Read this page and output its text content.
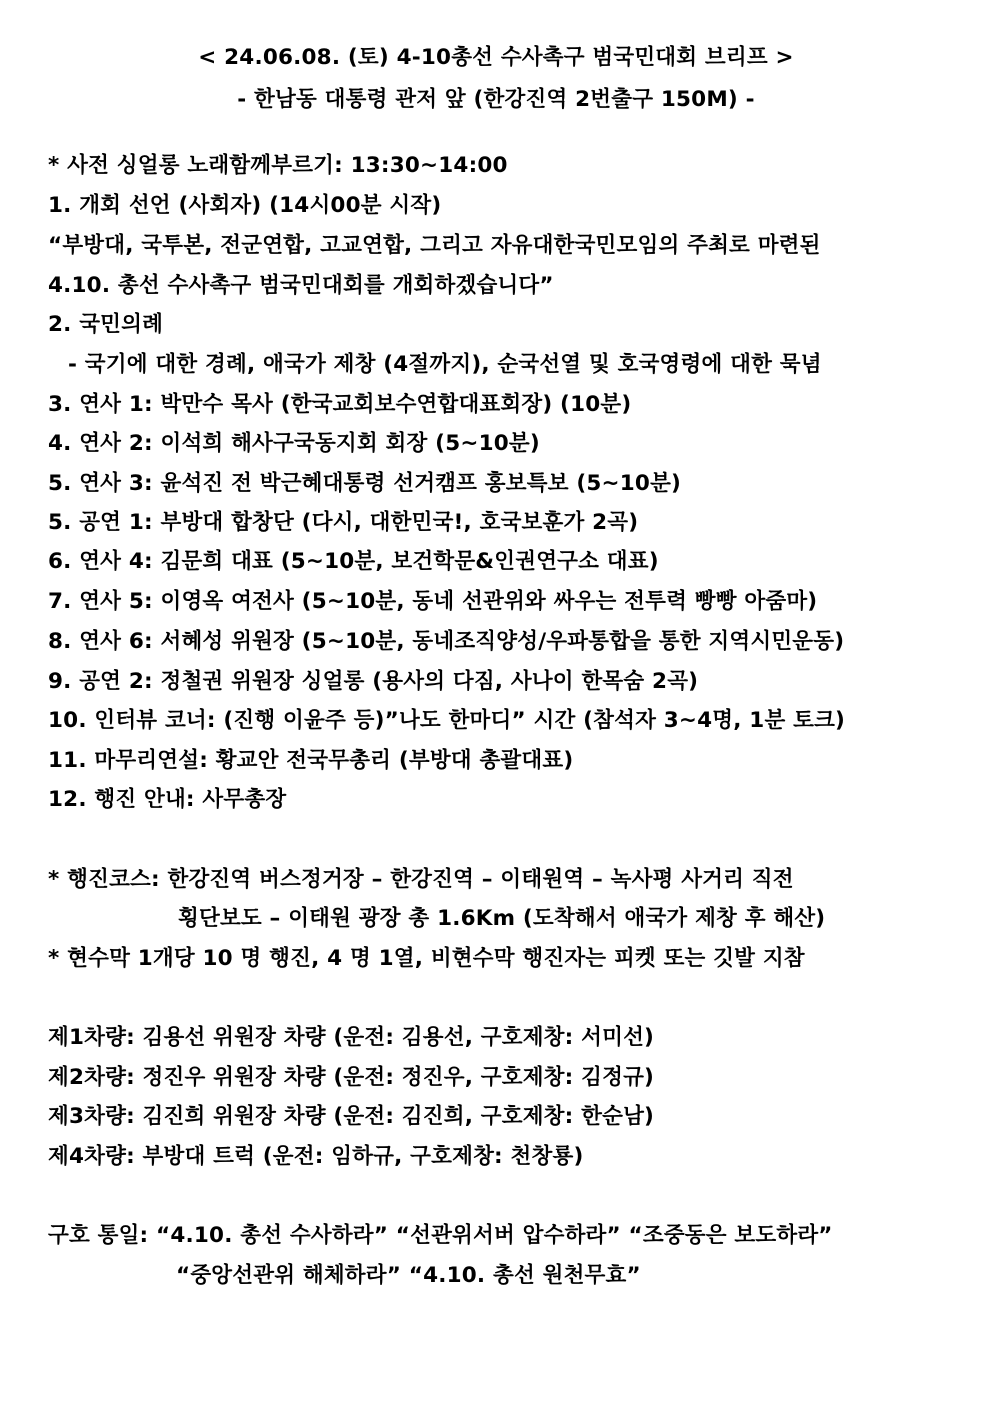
< 24.06.08. (토) 4-10총선 수사촉구 범국민대회 브리프 >
- 한남동 대통령 관저 앞 (한강진역 2번출구 150M) -
* 사전 싱얼롱 노래함께부르기: 13:30~14:00
1. 개회 선언 (사회자) (14시00분 시작)
“부방대, 국투본, 전군연합, 고교연합, 그리고 자유대한국민모임의 주최로 마련된
4.10. 총선 수사촉구 범국민대회를 개회하겠습니다”
2. 국민의례
- 국기에 대한 경례, 애국가 제창 (4절까지), 순국선열 및 호국영령에 대한 묵념
3. 연사 1: 박만수 목사 (한국교회보수연합대표회장) (10분)
4. 연사 2: 이석희 해사구국동지회 회장 (5~10분)
5. 연사 3: 윤석진 전 박근혜대통령 선거캠프 홍보특보 (5~10분)
5. 공연 1: 부방대 합창단 (다시, 대한민국!, 호국보훈가 2곡)
6. 연사 4: 김문희 대표 (5~10분, 보건학문&인권연구소 대표)
7. 연사 5: 이영옥 여전사 (5~10분, 동네 선관위와 싸우는 전투력 빵빵 아줌마)
8. 연사 6: 서혜성 위원장 (5~10분, 동네조직양성/우파통합을 통한 지역시민운동)
9. 공연 2: 정철권 위원장 싱얼롱 (용사의 다짐, 사나이 한목숨 2곡)
10. 인터뷰 코너: (진행 이윤주 등)”나도 한마디” 시간 (참석자 3~4명, 1분 토크)
11. 마무리연설: 황교안 전국무총리 (부방대 총괄대표)
12. 행진 안내: 사무총장
* 행진코스: 한강진역 버스정거장 – 한강진역 – 이태원역 – 녹사평 사거리 직전
횡단보도 – 이태원 광장 총 1.6Km (도착해서 애국가 제창 후 해산)
* 현수막 1개당 10 명 행진, 4 명 1열, 비현수막 행진자는 피켓 또는 깃발 지참
제1차량: 김용선 위원장 차량 (운전: 김용선, 구호제창: 서미선)
제2차량: 정진우 위원장 차량 (운전: 정진우, 구호제창: 김정규)
제3차량: 김진희 위원장 차량 (운전: 김진희, 구호제창: 한순남)
제4차량: 부방대 트럭 (운전: 임하규, 구호제창: 천창룡)
구호 통일: “4.10. 총선 수사하라” “선관위서버 압수하라” “조중동은 보도하라”
“중앙선관위 해체하라” “4.10. 총선 원천무효”
